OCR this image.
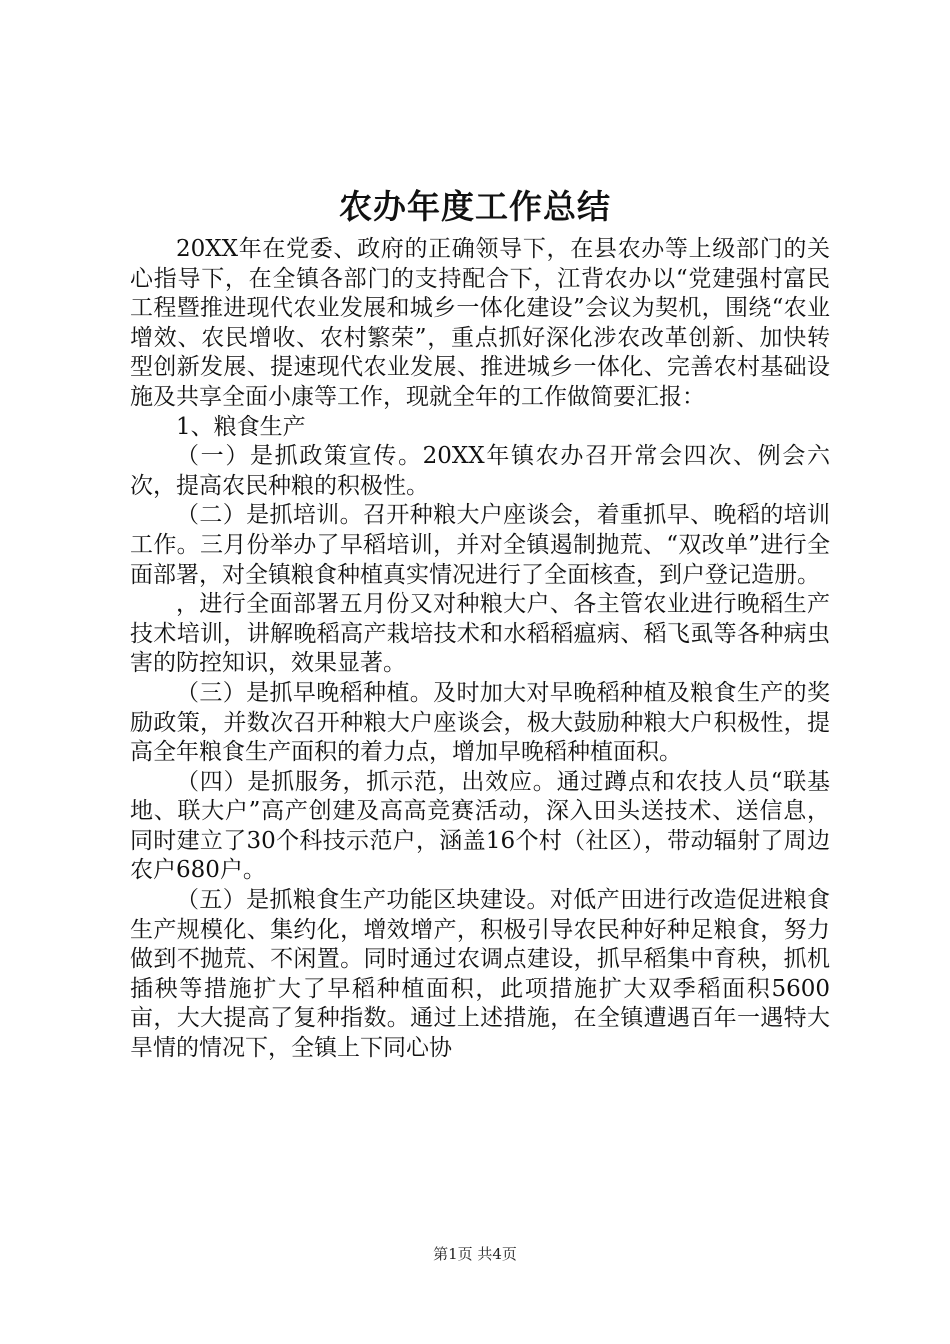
农办年度工作总结

20XX年在党委、政府的正确领导下，在县农办等上级部门的关心指导下，在全镇各部门的支持配合下，江背农办以“党建强村富民工程暨推进现代农业发展和城乡一体化建设”会议为契机，围绕“农业增效、农民增收、农村繁荣”，重点抓好深化涉农改革创新、加快转型创新发展、提速现代农业发展、推进城乡一体化、完善农村基础设施及共享全面小康等工作，现就全年的工作做简要汇报：

1、粮食生产

（一）是抓政策宣传。20XX年镇农办召开常会四次、例会六次，提高农民种粮的积极性。

（二）是抓培训。召开种粮大户座谈会，着重抓早、晚稻的培训工作。三月份举办了早稻培训，并对全镇遏制抛荒、“双改单”进行全面部署，对全镇粮食种植真实情况进行了全面核查，到户登记造册。

，进行全面部署五月份又对种粮大户、各主管农业进行晚稻生产技术培训，讲解晚稻高产栽培技术和水稻稻瘟病、稻飞虱等各种病虫害的防控知识，效果显著。

（三）是抓早晚稻种植。及时加大对早晚稻种植及粮食生产的奖励政策，并数次召开种粮大户座谈会，极大鼓励种粮大户积极性，提高全年粮食生产面积的着力点，增加早晚稻种植面积。

（四）是抓服务，抓示范，出效应。通过蹲点和农技人员“联基地、联大户”高产创建及高高竞赛活动，深入田头送技术、送信息，同时建立了30个科技示范户，涵盖16个村（社区），带动辐射了周边农户680户。

（五）是抓粮食生产功能区块建设。对低产田进行改造促进粮食生产规模化、集约化，增效增产，积极引导农民种好种足粮食，努力做到不抛荒、不闲置。同时通过农调点建设，抓早稻集中育秧，抓机插秧等措施扩大了早稻种植面积，此项措施扩大双季稻面积5600亩，大大提高了复种指数。通过上述措施，在全镇遭遇百年一遇特大旱情的情况下，全镇上下同心协

第1页 共4页
